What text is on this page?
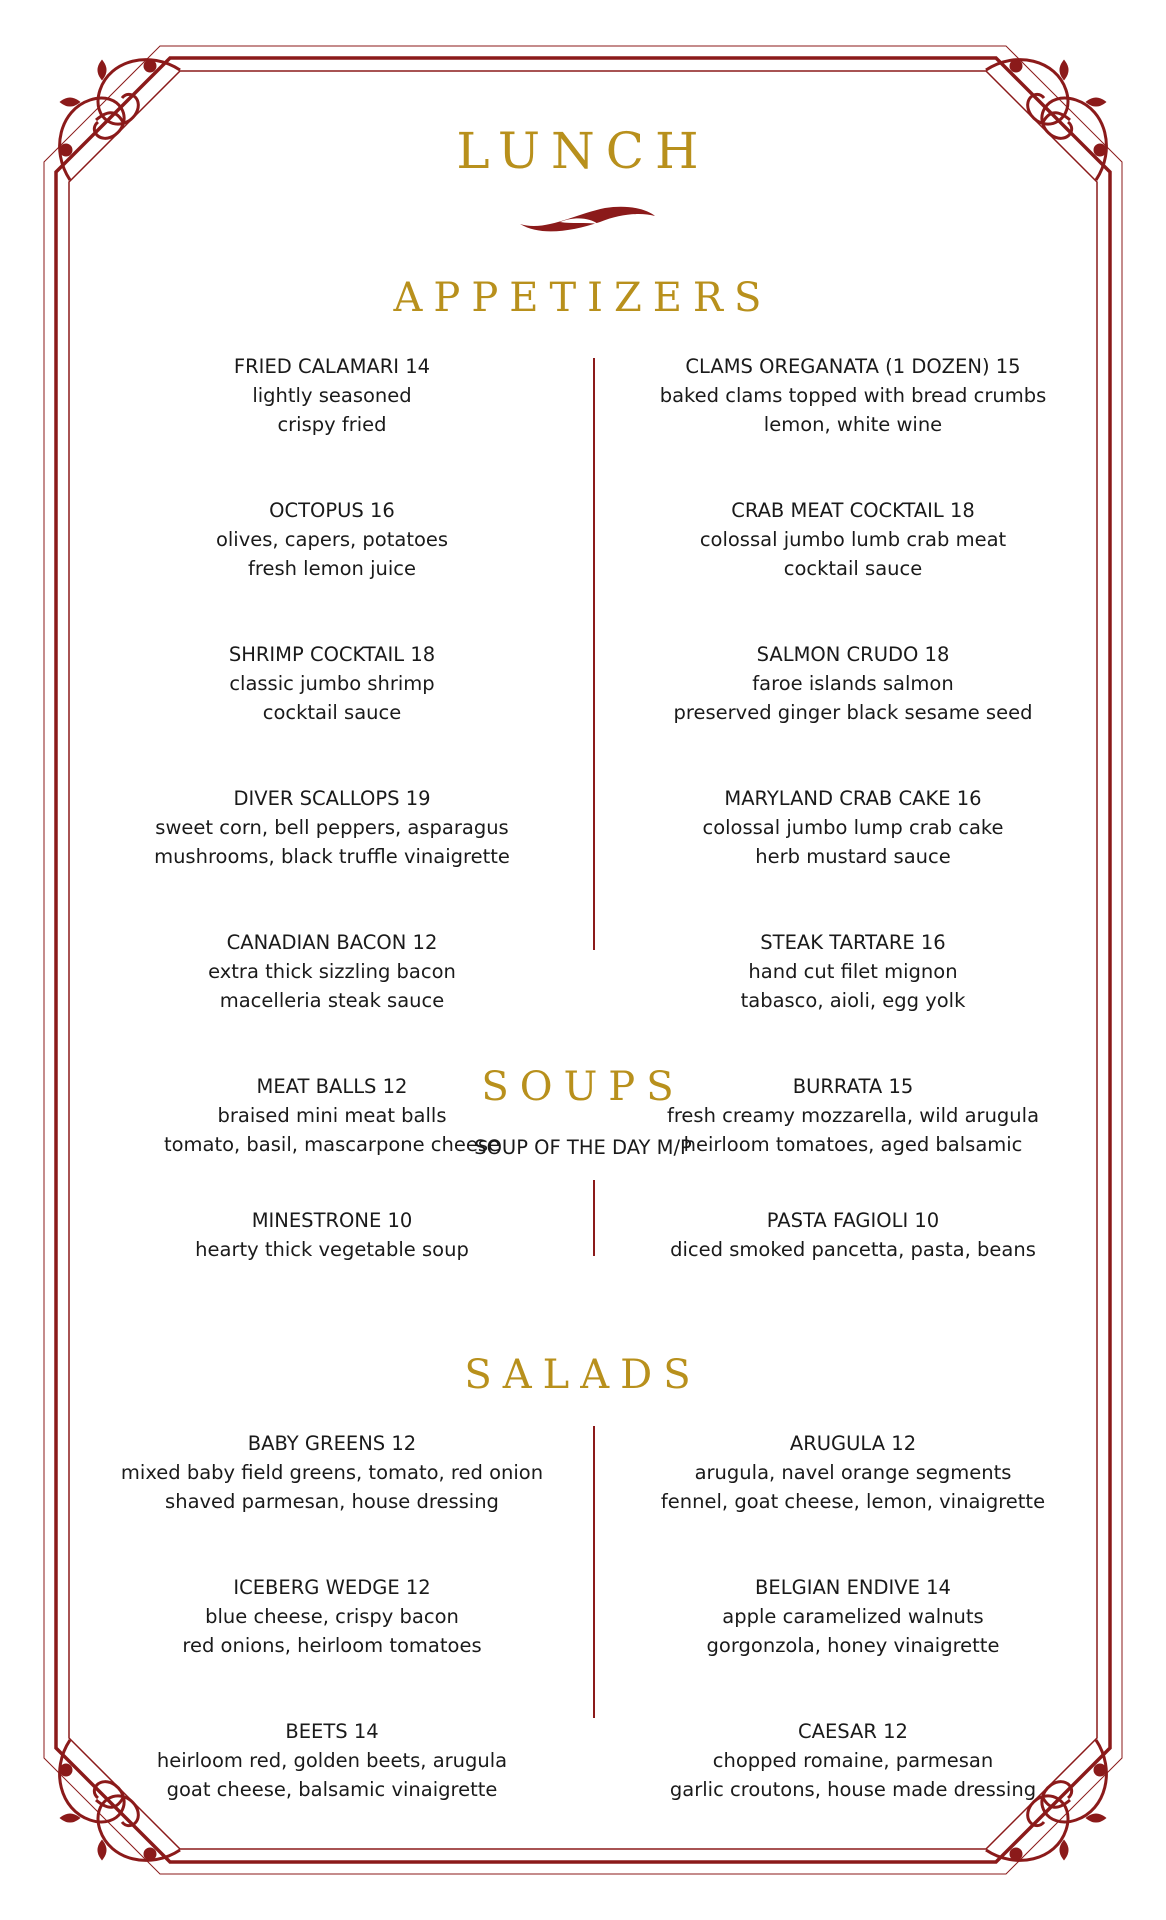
LUNCH
APPETIZERS
FRIED CALAMARI 14
lightly seasoned
crispy fried
OCTOPUS 16
olives, capers, potatoes
fresh lemon juice
SHRIMP COCKTAIL 18
classic jumbo shrimp
cocktail sauce
DIVER SCALLOPS 19
sweet corn, bell peppers, asparagus
mushrooms, black truffle vinaigrette
CANADIAN BACON 12
extra thick sizzling bacon
macelleria steak sauce
MEAT BALLS 12
braised mini meat balls
tomato, basil, mascarpone cheese
CLAMS OREGANATA (1 DOZEN) 15
baked clams topped with bread crumbs
lemon, white wine
CRAB MEAT COCKTAIL 18
colossal jumbo lumb crab meat
cocktail sauce
SALMON CRUDO 18
faroe islands salmon
preserved ginger black sesame seed
MARYLAND CRAB CAKE 16
colossal jumbo lump crab cake
herb mustard sauce
STEAK TARTARE 16
hand cut filet mignon
tabasco, aioli, egg yolk
BURRATA 15
fresh creamy mozzarella, wild arugula
heirloom tomatoes, aged balsamic
SOUPS
SOUP OF THE DAY M/P
MINESTRONE 10
hearty thick vegetable soup
PASTA FAGIOLI 10
diced smoked pancetta, pasta, beans
SALADS
BABY GREENS 12
mixed baby field greens, tomato, red onion
shaved parmesan, house dressing
ICEBERG WEDGE 12
blue cheese, crispy bacon
red onions, heirloom tomatoes
BEETS 14
heirloom red, golden beets, arugula
goat cheese, balsamic vinaigrette
ARUGULA 12
arugula, navel orange segments
fennel, goat cheese, lemon, vinaigrette
BELGIAN ENDIVE 14
apple caramelized walnuts
gorgonzola, honey vinaigrette
CAESAR 12
chopped romaine, parmesan
garlic croutons, house made dressing
